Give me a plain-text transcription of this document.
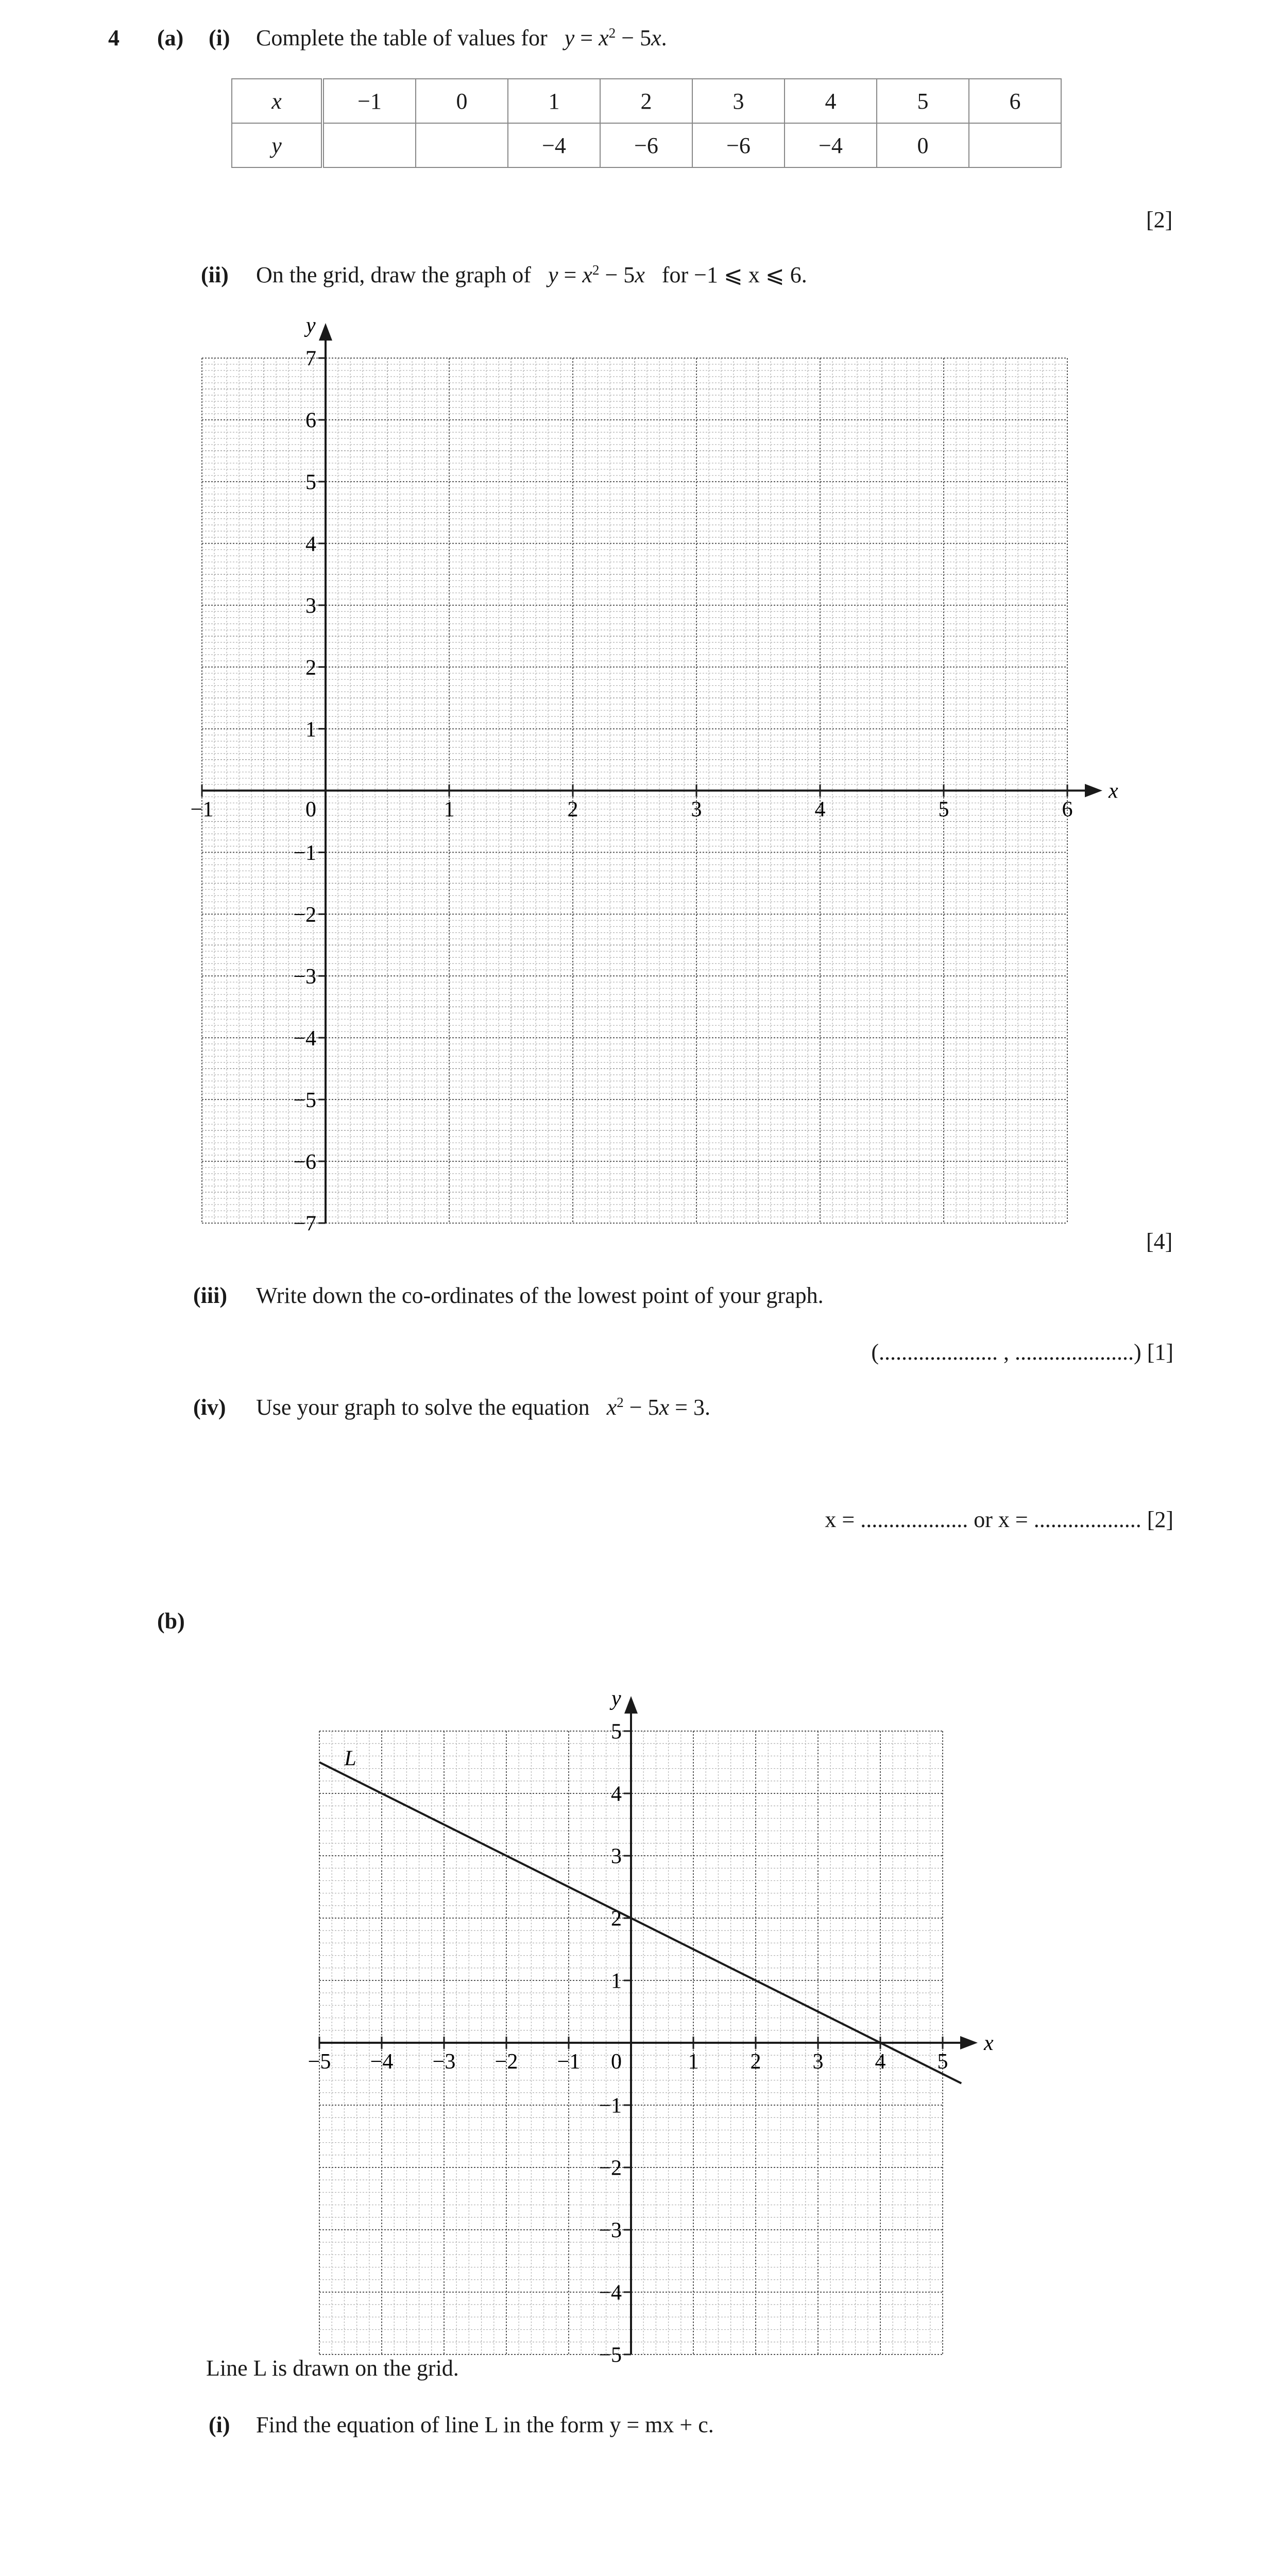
4 (a) (i) Complete the table of values for $y = x^2 - 5x$.
x	−1	0	1	2	3	4	5	6
y			−4	−6	−6	−4	0	
[2]
(ii) On the grid, draw the graph of $y = x^2 - 5x$ for −1 ⩽ x ⩽ 6.
x
y
−1	0	1	2	3	4	5	6
−7
−6
−5
−4
−3
−2
−1
1
2
3
4
5
6
7
[4]
(iii) Write down the co-ordinates of the lowest point of your graph.
(..................... , .....................) [1]
(iv) Use your graph to solve the equation $x^2 - 5x = 3$.
x = ................... or x = ................... [2]
(b)
x
y
−5 −4 −3 −2 −1 0	1 2 3 4 5
−5
−4
−3
−2
−1
1
2
3
4
5
L
Line L is drawn on the grid.
(i) Find the equation of line L in the form y = mx + c.
